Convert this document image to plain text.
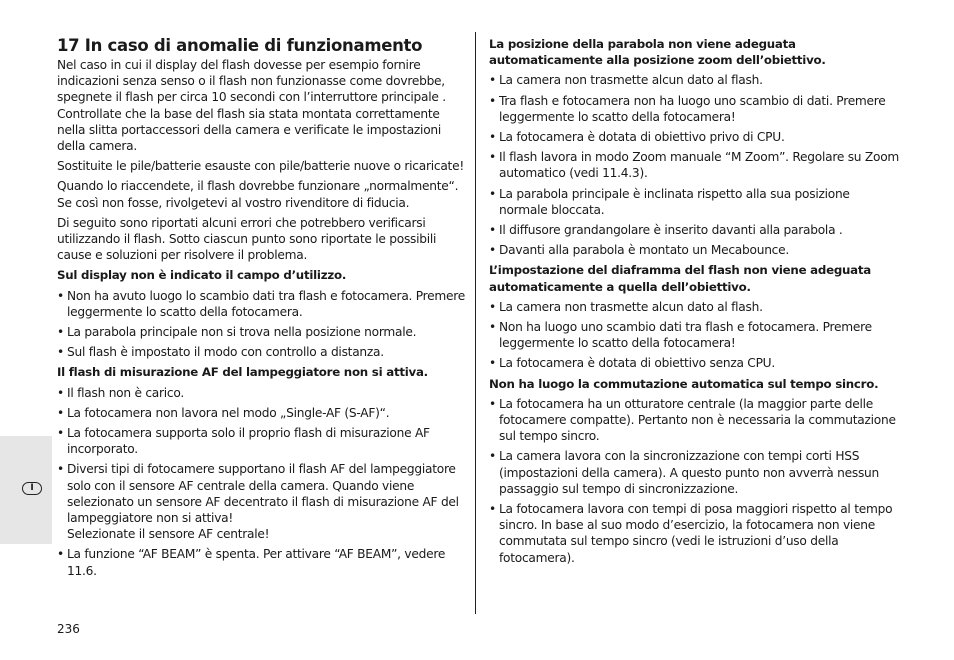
I
17 In caso di anomalie di funzionamento

Nel caso in cui il display del flash dovesse per esempio fornire indicazioni senza senso o il flash non funzionasse come dovrebbe, spegnete il flash per circa 10 secondi con l’interruttore principale . Controllate che la base del flash sia stata montata correttamente nella slitta portaccessori della camera e verificate le impostazioni della camera.

Sostituite le pile/batterie esauste con pile/batterie nuove o ricaricate!

Quando lo riaccendete, il flash dovrebbe funzionare „normalmente“. Se così non fosse, rivolgetevi al vostro rivenditore di fiducia.

Di seguito sono riportati alcuni errori che potrebbero verificarsi utilizzando il flash. Sotto ciascun punto sono riportate le possibili cause e soluzioni per risolvere il problema.

Sul display non è indicato il campo d’utilizzo.
• Non ha avuto luogo lo scambio dati tra flash e fotocamera. Premere leggermente lo scatto della fotocamera.
• La parabola principale non si trova nella posizione normale.
• Sul flash è impostato il modo con controllo a distanza.
Il flash di misurazione AF del lampeggiatore non si attiva.
• Il flash non è carico.
• La fotocamera non lavora nel modo „Single-AF (S-AF)“.
• La fotocamera supporta solo il proprio flash di misurazione AF incorporato.
• Diversi tipi di fotocamere supportano il flash AF del lampeggiatore solo con il sensore AF centrale della camera. Quando viene selezionato un sensore AF decentrato il flash di misurazione AF del lampeggiatore non si attiva!
Selezionate il sensore AF centrale!
• La funzione “AF BEAM” è spenta. Per attivare “AF BEAM”, vedere 11.6.
La posizione della parabola non viene adeguata automaticamente alla posizione zoom dell’obiettivo.
• La camera non trasmette alcun dato al flash.
• Tra flash e fotocamera non ha luogo uno scambio di dati. Premere leggermente lo scatto della fotocamera!
• La fotocamera è dotata di obiettivo privo di CPU.
• Il flash lavora in modo Zoom manuale “M Zoom”. Regolare su Zoom automatico (vedi 11.4.3).
• La parabola principale è inclinata rispetto alla sua posizione normale bloccata.
• Il diffusore grandangolare è inserito davanti alla parabola .
• Davanti alla parabola è montato un Mecabounce.
L’impostazione del diaframma del flash non viene adeguata automaticamente a quella dell’obiettivo.
• La camera non trasmette alcun dato al flash.
• Non ha luogo uno scambio dati tra flash e fotocamera. Premere leggermente lo scatto della fotocamera!
• La fotocamera è dotata di obiettivo senza CPU.
Non ha luogo la commutazione automatica sul tempo sincro.
• La fotocamera ha un otturatore centrale (la maggior parte delle fotocamere compatte). Pertanto non è necessaria la commutazione sul tempo sincro.
• La camera lavora con la sincronizzazione con tempi corti HSS (impostazioni della camera). A questo punto non avverrà nessun passaggio sul tempo di sincronizzazione.
• La fotocamera lavora con tempi di posa maggiori rispetto al tempo sincro. In base al suo modo d’esercizio, la fotocamera non viene commutata sul tempo sincro (vedi le istruzioni d’uso della fotocamera).
236
